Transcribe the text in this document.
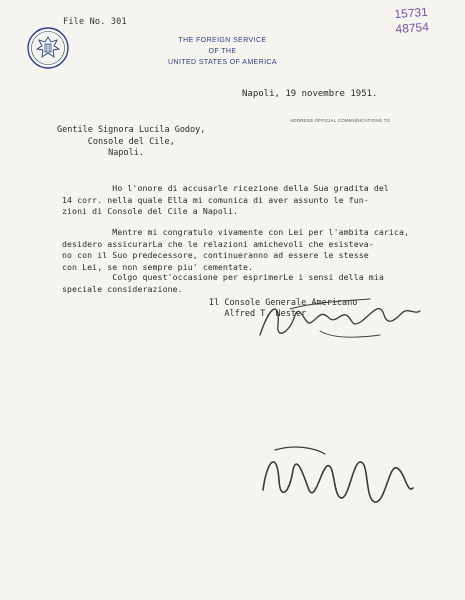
File No. 301
THE FOREIGN SERVICE
OF THE
UNITED STATES OF AMERICA
15731
48754
Napoli, 19 novembre 1951.
ADDRESS OFFICIAL COMMUNICATIONS TO
Gentile Signora Lucila Godoy,
Console del Cile,
Napoli.
Ho l'onore di accusarle ricezione della Sua gradita del
14 corr. nella quale Ella mi comunica di aver assunto le fun-
zioni di Console del Cile a Napoli.
Mentre mi congratulo vivamente con Lei per l'ambita carica,
desidero assicurarLa che le relazioni amichevoli che esisteva-
no con il Suo predecessore, continueranno ad essere le stesse
con Lei, se non sempre piu' cementate.
Colgo quest'occasione per esprimerLe i sensi della mia
speciale considerazione.
Il Console Generale Americano
Alfred T. Nester
